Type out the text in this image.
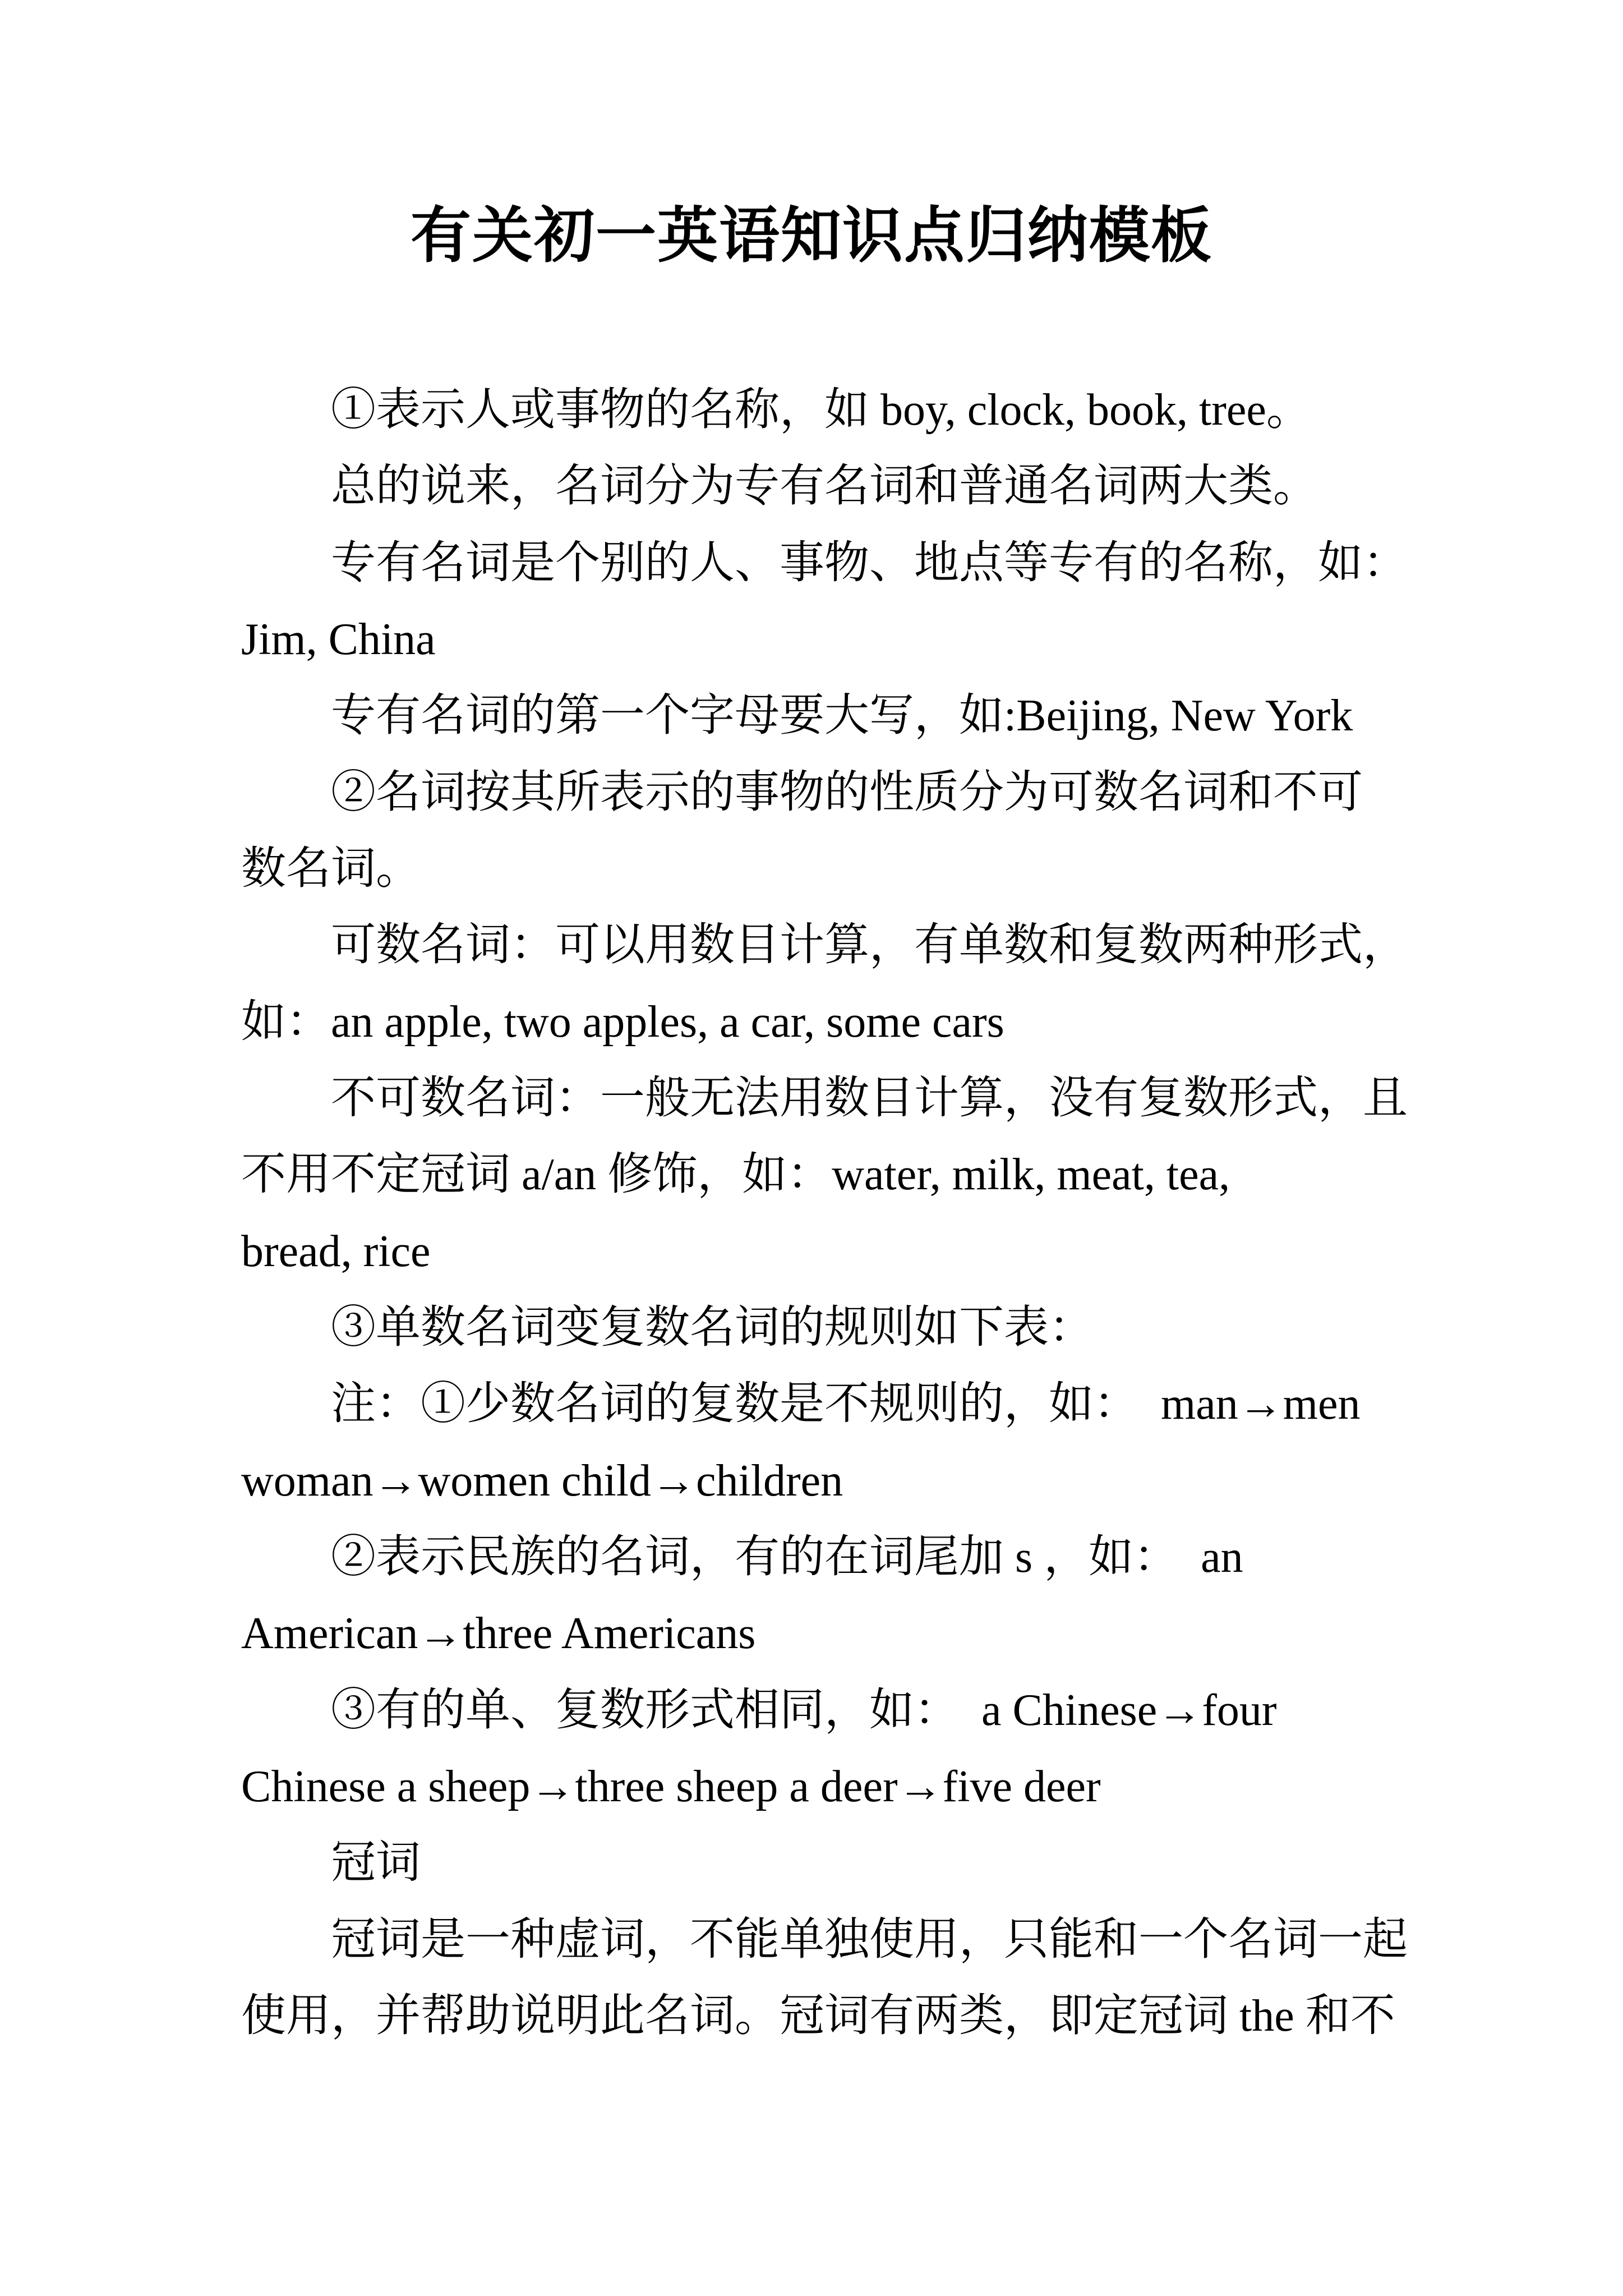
有关初一英语知识点归纳模板
①表示人或事物的名称，如 boy, clock, book, tree。
总的说来，名词分为专有名词和普通名词两大类。
专有名词是个别的人、事物、地点等专有的名称，如：
Jim, China
专有名词的第一个字母要大写，如:Beijing, New York
②名词按其所表示的事物的性质分为可数名词和不可
数名词。
可数名词：可以用数目计算，有单数和复数两种形式，
如：an apple, two apples, a car, some cars
不可数名词：一般无法用数目计算，没有复数形式，且
不用不定冠词 a/an 修饰，如：water, milk, meat, tea,
bread, rice
③单数名词变复数名词的规则如下表：
注：①少数名词的复数是不规则的，如：  man→men
woman→women child→children
②表示民族的名词，有的在词尾加 s ，如：  an
American→three Americans
③有的单、复数形式相同，如：  a Chinese→four
Chinese a sheep→three sheep a deer→five deer
冠词
冠词是一种虚词，不能单独使用，只能和一个名词一起
使用，并帮助说明此名词。冠词有两类，即定冠词 the 和不
